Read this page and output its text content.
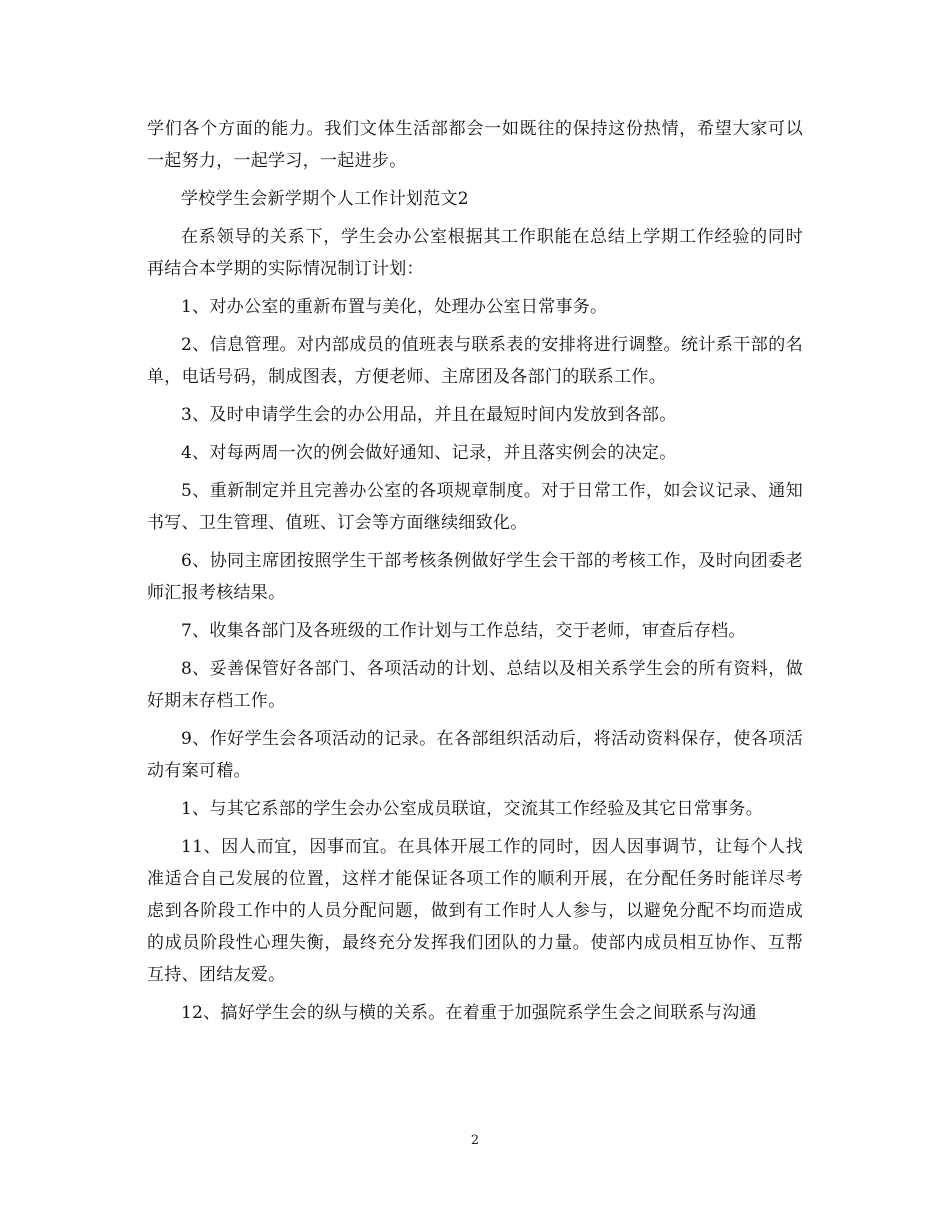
学们各个方面的能力。我们文体生活部都会一如既往的保持这份热情，希望大家可以一起努力，一起学习，一起进步。

学校学生会新学期个人工作计划范文2

在系领导的关系下，学生会办公室根据其工作职能在总结上学期工作经验的同时再结合本学期的实际情况制订计划：

1、对办公室的重新布置与美化，处理办公室日常事务。

2、信息管理。对内部成员的值班表与联系表的安排将进行调整。统计系干部的名单，电话号码，制成图表，方便老师、主席团及各部门的联系工作。

3、及时申请学生会的办公用品，并且在最短时间内发放到各部。

4、对每两周一次的例会做好通知、记录，并且落实例会的决定。

5、重新制定并且完善办公室的各项规章制度。对于日常工作，如会议记录、通知书写、卫生管理、值班、订会等方面继续细致化。

6、协同主席团按照学生干部考核条例做好学生会干部的考核工作，及时向团委老师汇报考核结果。

7、收集各部门及各班级的工作计划与工作总结，交于老师，审查后存档。

8、妥善保管好各部门、各项活动的计划、总结以及相关系学生会的所有资料，做好期末存档工作。

9、作好学生会各项活动的记录。在各部组织活动后，将活动资料保存，使各项活动有案可稽。

1、与其它系部的学生会办公室成员联谊，交流其工作经验及其它日常事务。

11、因人而宜，因事而宜。在具体开展工作的同时，因人因事调节，让每个人找准适合自己发展的位置，这样才能保证各项工作的顺利开展，在分配任务时能详尽考虑到各阶段工作中的人员分配问题，做到有工作时人人参与，以避免分配不均而造成的成员阶段性心理失衡，最终充分发挥我们团队的力量。使部内成员相互协作、互帮互持、团结友爱。

12、搞好学生会的纵与横的关系。在着重于加强院系学生会之间联系与沟通

2
